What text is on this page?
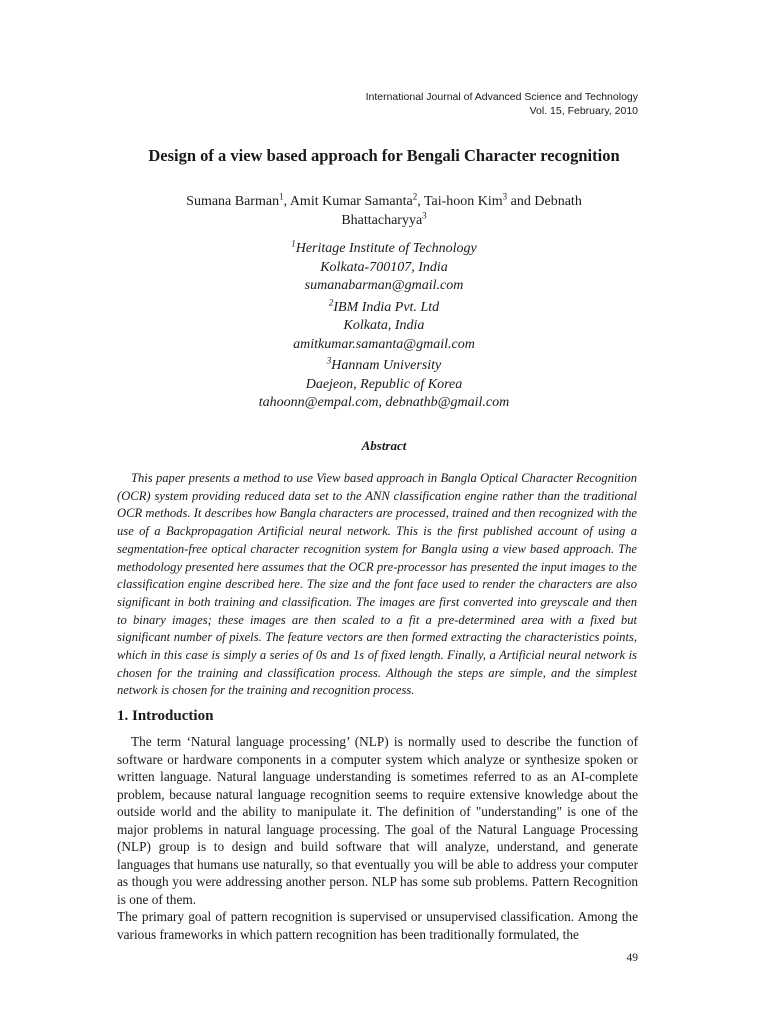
International Journal of Advanced Science and Technology
Vol. 15, February, 2010
Design of a view based approach for Bengali Character recognition
Sumana Barman$^1$, Amit Kumar Samanta$^2$, Tai-hoon Kim$^3$ and Debnath Bhattacharyya$^3$
$^1$Heritage Institute of Technology
Kolkata-700107, India
sumanabarman@gmail.com
$^2$IBM India Pvt. Ltd
Kolkata, India
amitkumar.samanta@gmail.com
$^3$Hannam University
Daejeon, Republic of Korea
tahoonn@empal.com, debnathb@gmail.com
Abstract

This paper presents a method to use View based approach in Bangla Optical Character Recognition (OCR) system providing reduced data set to the ANN classification engine rather than the traditional OCR methods. It describes how Bangla characters are processed, trained and then recognized with the use of a Backpropagation Artificial neural network. This is the first published account of using a segmentation-free optical character recognition system for Bangla using a view based approach. The methodology presented here assumes that the OCR pre-processor has presented the input images to the classification engine described here. The size and the font face used to render the characters are also significant in both training and classification. The images are first converted into greyscale and then to binary images; these images are then scaled to a fit a pre-determined area with a fixed but significant number of pixels. The feature vectors are then formed extracting the characteristics points, which in this case is simply a series of 0s and 1s of fixed length. Finally, a Artificial neural network is chosen for the training and classification process. Although the steps are simple, and the simplest network is chosen for the training and recognition process.

1. Introduction

The term ‘Natural language processing’ (NLP) is normally used to describe the function of software or hardware components in a computer system which analyze or synthesize spoken or written language. Natural language understanding is sometimes referred to as an AI-complete problem, because natural language recognition seems to require extensive knowledge about the outside world and the ability to manipulate it. The definition of "understanding" is one of the major problems in natural language processing. The goal of the Natural Language Processing (NLP) group is to design and build software that will analyze, understand, and generate languages that humans use naturally, so that eventually you will be able to address your computer as though you were addressing another person. NLP has some sub problems. Pattern Recognition is one of them.

The primary goal of pattern recognition is supervised or unsupervised classification. Among the various frameworks in which pattern recognition has been traditionally formulated, the

49
